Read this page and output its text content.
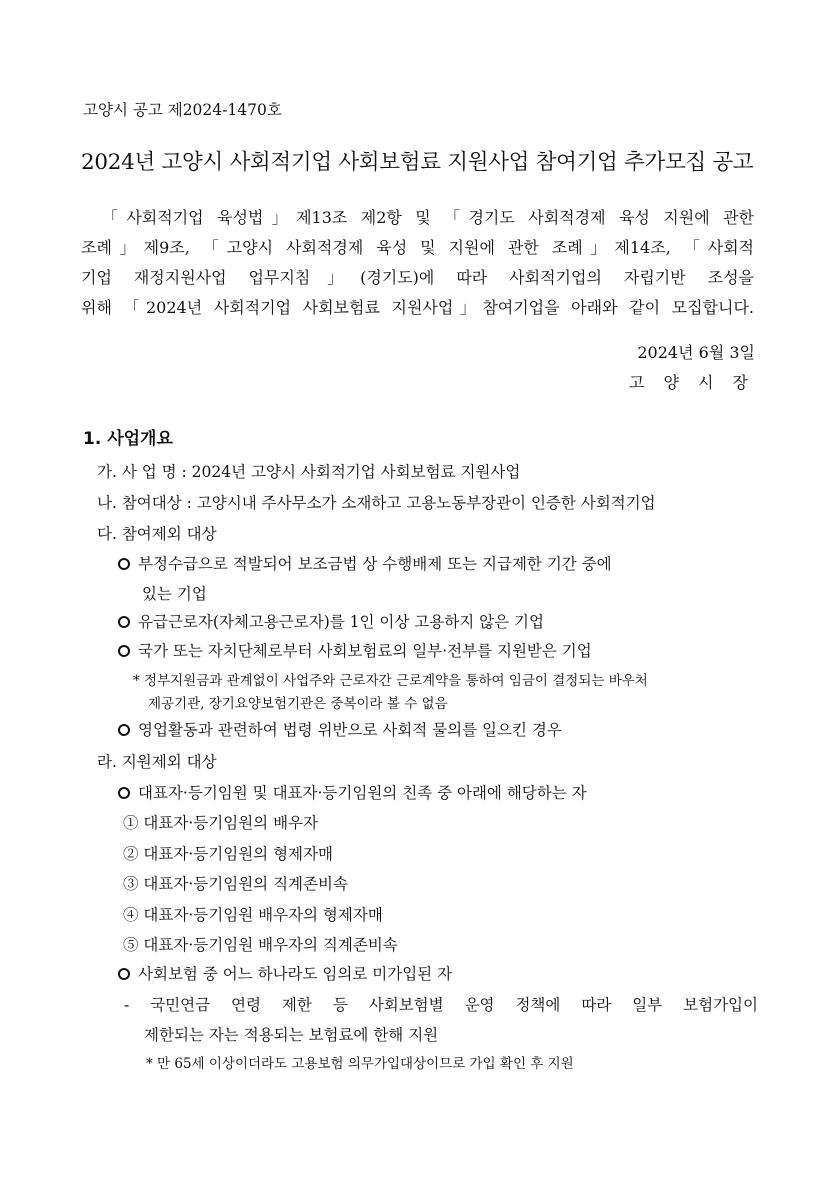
고양시 공고 제2024-1470호
2024년 고양시 사회적기업 사회보험료 지원사업 참여기업 추가모집 공고
「사회적기업 육성법」제13조 제2항 및 「경기도 사회적경제 육성 지원에 관한
조례」제9조, 「고양시 사회적경제 육성 및 지원에 관한 조례」제14조, 「사회적
기업 재정지원사업 업무지침」(경기도)에 따라 사회적기업의 자립기반 조성을
위해 「2024년 사회적기업 사회보험료 지원사업」참여기업을 아래와 같이 모집합니다.
2024년 6월 3일
고 양 시 장
1. 사업개요
가. 사 업 명 : 2024년 고양시 사회적기업 사회보험료 지원사업
나. 참여대상 : 고양시내 주사무소가 소재하고 고용노동부장관이 인증한 사회적기업
다. 참여제외 대상
부정수급으로 적발되어 보조금법 상 수행배제 또는 지급제한 기간 중에
있는 기업
유급근로자(자체고용근로자)를 1인 이상 고용하지 않은 기업
국가 또는 자치단체로부터 사회보험료의 일부·전부를 지원받은 기업
* 정부지원금과 관계없이 사업주와 근로자간 근로계약을 통하여 임금이 결정되는 바우처
제공기관, 장기요양보험기관은 중복이라 볼 수 없음
영업활동과 관련하여 법령 위반으로 사회적 물의를 일으킨 경우
라. 지원제외 대상
대표자·등기임원 및 대표자·등기임원의 친족 중 아래에 해당하는 자
① 대표자·등기임원의 배우자
② 대표자·등기임원의 형제자매
③ 대표자·등기임원의 직계존비속
④ 대표자·등기임원 배우자의 형제자매
⑤ 대표자·등기임원 배우자의 직계존비속
사회보험 중 어느 하나라도 임의로 미가입된 자
- 국민연금 연령 제한 등 사회보험별 운영 정책에 따라 일부 보험가입이
제한되는 자는 적용되는 보험료에 한해 지원
* 만 65세 이상이더라도 고용보험 의무가입대상이므로 가입 확인 후 지원
